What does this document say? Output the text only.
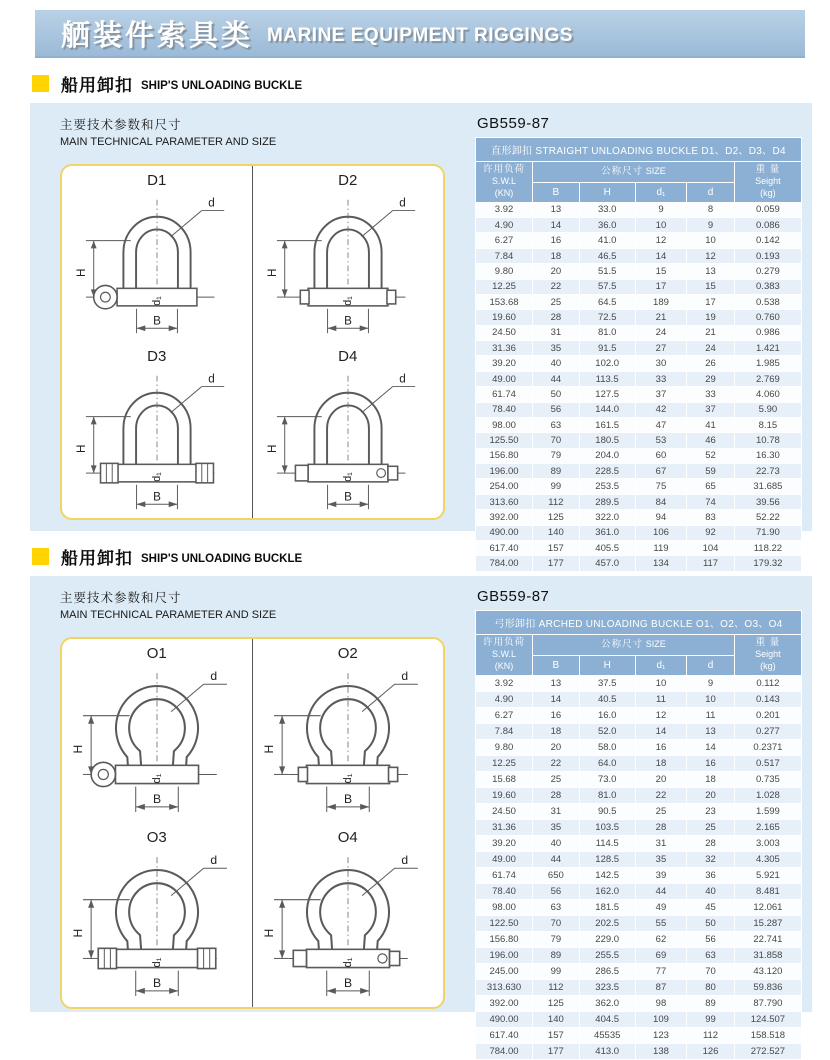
舾装件索具类 MARINE EQUIPMENT RIGGINGS
船用卸扣 SHIP'S UNLOADING BUCKLE
主要技术参数和尺寸
MAIN TECHNICAL PARAMETER AND SIZE
D1
d
H
d₁
B
D2
d
H
d₁
B
D3
d
H
d₁
B
D4
d
H
d₁
B
GB559-87
直形卸扣 STRAIGHT UNLOADING BUCKLE D1、D2、D3、D4					
许用负荷
S.W.L
(KN)	公称尺寸 SIZE				重 量
Seight
(kg)
	B	H	d₁	d	
3.92	13	33.0	9	8	0.059
4.90	14	36.0	10	9	0.086
6.27	16	41.0	12	10	0.142
7.84	18	46.5	14	12	0.193
9.80	20	51.5	15	13	0.279
12.25	22	57.5	17	15	0.383
153.68	25	64.5	189	17	0.538
19.60	28	72.5	21	19	0.760
24.50	31	81.0	24	21	0.986
31.36	35	91.5	27	24	1.421
39.20	40	102.0	30	26	1.985
49.00	44	113.5	33	29	2.769
61.74	50	127.5	37	33	4.060
78.40	56	144.0	42	37	5.90
98.00	63	161.5	47	41	8.15
125.50	70	180.5	53	46	10.78
156.80	79	204.0	60	52	16.30
196.00	89	228.5	67	59	22.73
254.00	99	253.5	75	65	31.685
313.60	112	289.5	84	74	39.56
392.00	125	322.0	94	83	52.22
490.00	140	361.0	106	92	71.90
617.40	157	405.5	119	104	118.22
784.00	177	457.0	134	117	179.32
船用卸扣 SHIP'S UNLOADING BUCKLE
主要技术参数和尺寸
MAIN TECHNICAL PARAMETER AND SIZE
O1
d
H
d₁
B
O2
d
H
d₁
B
O3
d
H
d₁
B
O4
d
H
d₁
B
GB559-87
弓形卸扣 ARCHED UNLOADING BUCKLE O1、O2、O3、O4					
许用负荷
S.W.L
(KN)	公称尺寸 SIZE				重 量
Seight
(kg)
	B	H	d₁	d	
3.92	13	37.5	10	9	0.112
4.90	14	40.5	11	10	0.143
6.27	16	16.0	12	11	0.201
7.84	18	52.0	14	13	0.277
9.80	20	58.0	16	14	0.2371
12.25	22	64.0	18	16	0.517
15.68	25	73.0	20	18	0.735
19.60	28	81.0	22	20	1.028
24.50	31	90.5	25	23	1.599
31.36	35	103.5	28	25	2.165
39.20	40	114.5	31	28	3.003
49.00	44	128.5	35	32	4.305
61.74	650	142.5	39	36	5.921
78.40	56	162.0	44	40	8.481
98.00	63	181.5	49	45	12.061
122.50	70	202.5	55	50	15.287
156.80	79	229.0	62	56	22.741
196.00	89	255.5	69	63	31.858
245.00	99	286.5	77	70	43.120
313.630	112	323.5	87	80	59.836
392.00	125	362.0	98	89	87.790
490.00	140	404.5	109	99	124.507
617.40	157	45535	123	112	158.518
784.00	177	413.0	138	126	272.527
